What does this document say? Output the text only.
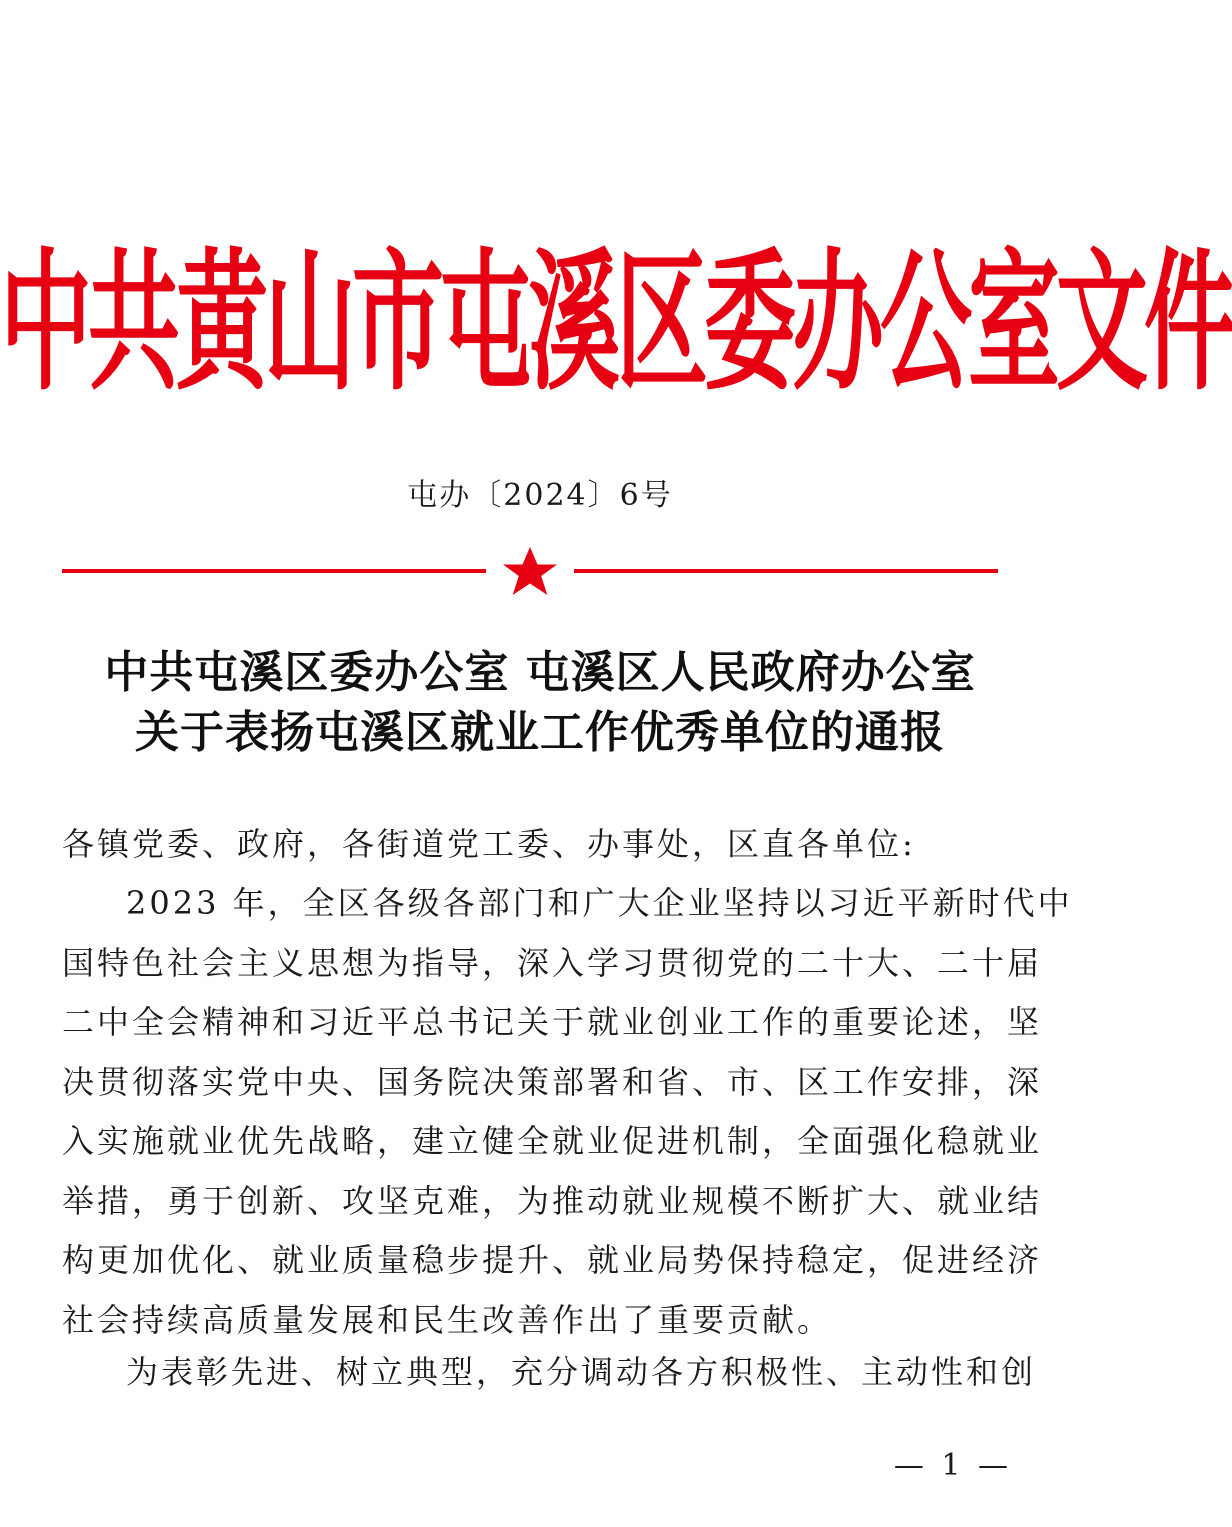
中共黄山市屯溪区委办公室文件
屯办〔2024〕6号
中共屯溪区委办公室 屯溪区人民政府办公室
关于表扬屯溪区就业工作优秀单位的通报
各镇党委、政府，各街道党工委、办事处，区直各单位:
2023 年，全区各级各部门和广大企业坚持以习近平新时代中
国特色社会主义思想为指导，深入学习贯彻党的二十大、二十届
二中全会精神和习近平总书记关于就业创业工作的重要论述，坚
决贯彻落实党中央、国务院决策部署和省、市、区工作安排，深
入实施就业优先战略，建立健全就业促进机制，全面强化稳就业
举措，勇于创新、攻坚克难，为推动就业规模不断扩大、就业结
构更加优化、就业质量稳步提升、就业局势保持稳定，促进经济
社会持续高质量发展和民生改善作出了重要贡献。
为表彰先进、树立典型，充分调动各方积极性、主动性和创
— 1 —
